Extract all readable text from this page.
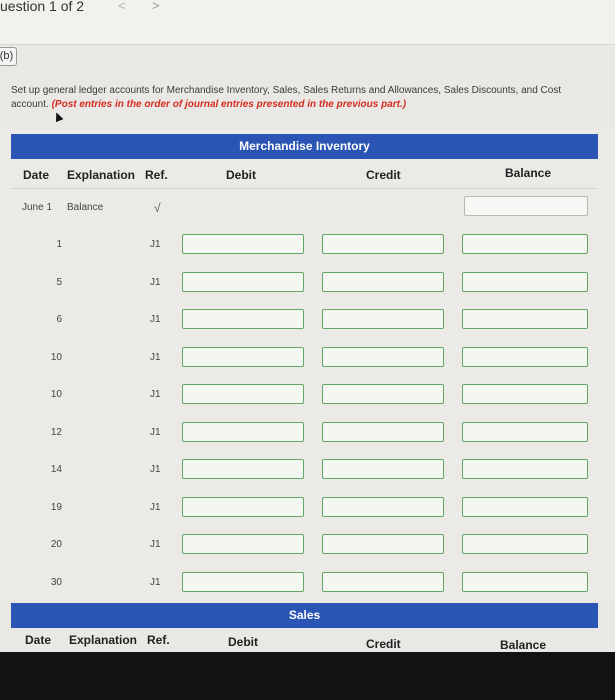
uestion 1 of 2	< >
(b)
Set up general ledger accounts for Merchandise Inventory, Sales, Sales Returns and Allowances, Sales Discounts, and Cost
account. (Post entries in the order of journal entries presented in the previous part.)
Merchandise Inventory
Date Explanation Ref.	Debit	Credit	Balance
June 1 Balance	√
1	J1
5	J1
6	J1
10	J1
10	J1
12	J1
14	J1
19	J1
20	J1
30	J1
Sales
Date Explanation Ref.	Debit	Credit	Balance
